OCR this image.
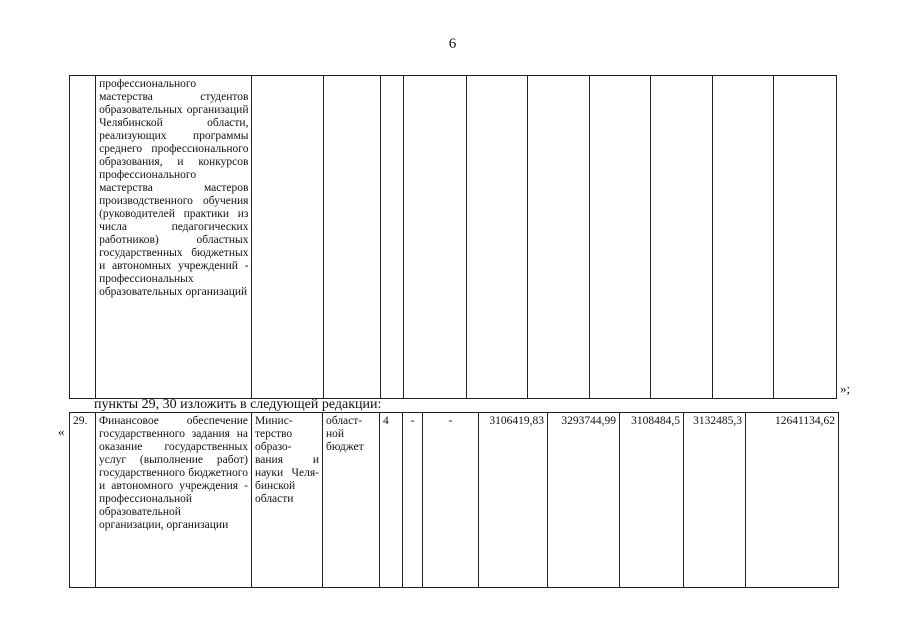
6
	профессионального мастерства студентов образовательных организаций Челябинской области, реализующих программы среднего профессионального образования, и конкурсов профессионального мастерства мастеров производственного обучения (руководителей практики из числа педагогических работников) областных государственных бюджетных и автономных учреждений - профессиональных образовательных организаций										
»;
пункты 29, 30 изложить в следующей редакции:
«
29.	Финансовое обеспечение государственного задания на оказание государственных услуг (выполнение работ) государственного бюджетного и автономного учреждения - профессиональной образовательной организации, организации	Минис-терство образо-вания и науки Челя-бинской области	област-ной бюджет	4	-	-	3106419,83	3293744,99	3108484,5	3132485,3	12641134,62
